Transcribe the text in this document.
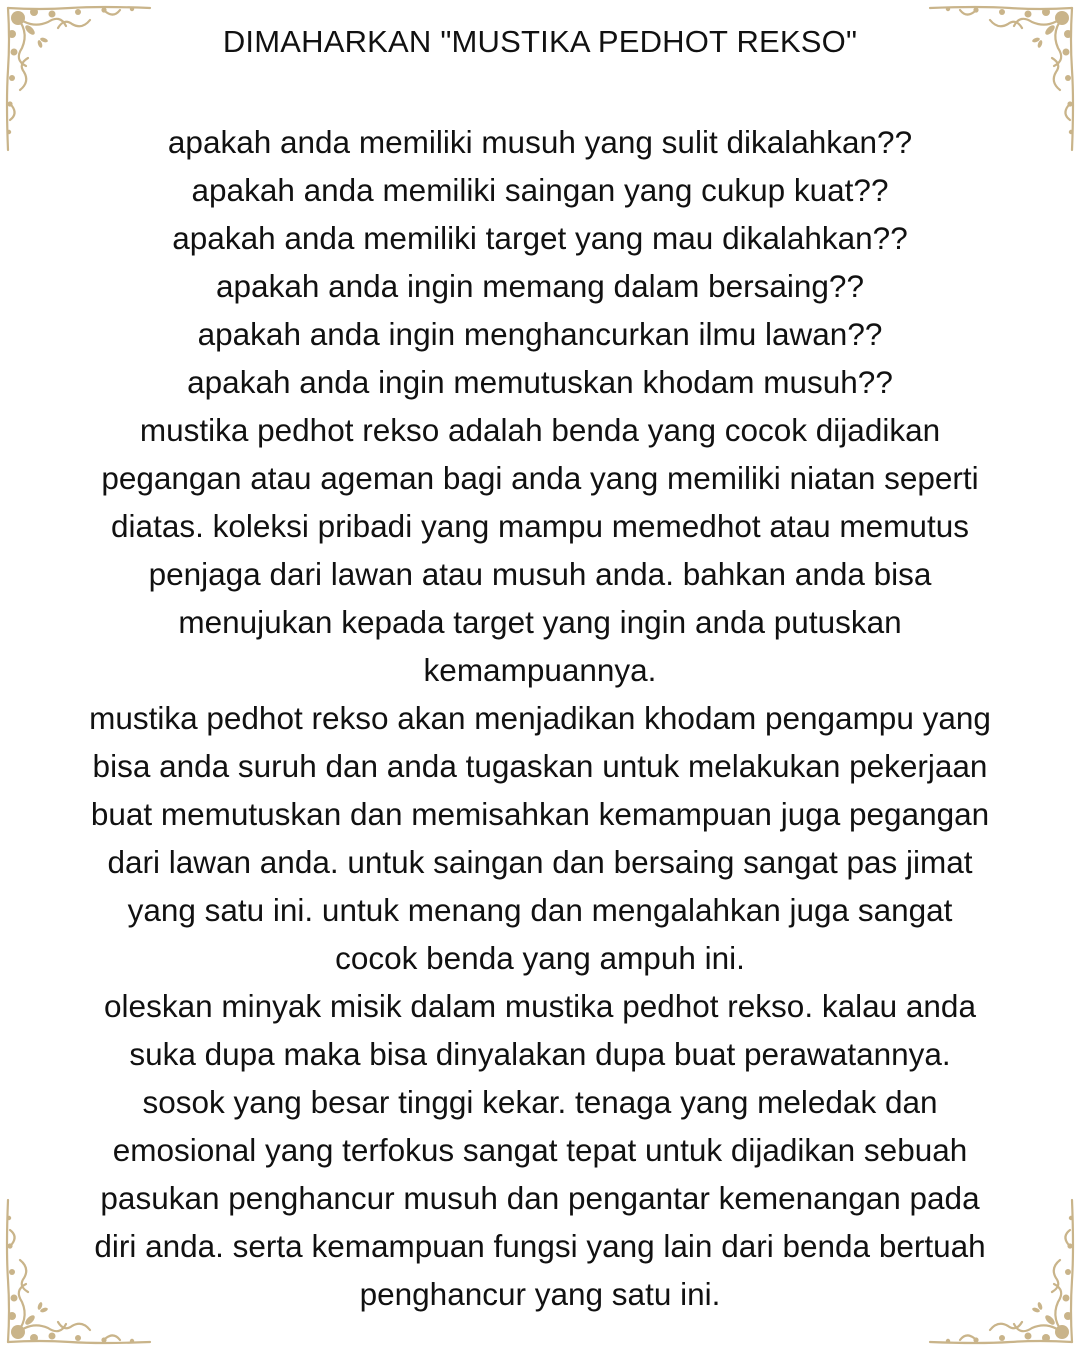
DIMAHARKAN "MUSTIKA PEDHOT REKSO"

apakah anda memiliki musuh yang sulit dikalahkan??

apakah anda memiliki saingan yang cukup kuat??

apakah anda memiliki target yang mau dikalahkan??

apakah anda ingin memang dalam bersaing??

apakah anda ingin menghancurkan ilmu lawan??

apakah anda ingin memutuskan khodam musuh??

mustika pedhot rekso adalah benda yang cocok dijadikan

pegangan atau ageman bagi anda yang memiliki niatan seperti

diatas. koleksi pribadi yang mampu memedhot atau memutus

penjaga dari lawan atau musuh anda. bahkan anda bisa

menujukan kepada target yang ingin anda putuskan

kemampuannya.

mustika pedhot rekso akan menjadikan khodam pengampu yang

bisa anda suruh dan anda tugaskan untuk melakukan pekerjaan

buat memutuskan dan memisahkan kemampuan juga pegangan

dari lawan anda. untuk saingan dan bersaing sangat pas jimat

yang satu ini. untuk menang dan mengalahkan juga sangat

cocok benda yang ampuh ini.

oleskan minyak misik dalam mustika pedhot rekso. kalau anda

suka dupa maka bisa dinyalakan dupa buat perawatannya.

sosok yang besar tinggi kekar. tenaga yang meledak dan

emosional yang terfokus sangat tepat untuk dijadikan sebuah

pasukan penghancur musuh dan pengantar kemenangan pada

diri anda. serta kemampuan fungsi yang lain dari benda bertuah

penghancur yang satu ini.
